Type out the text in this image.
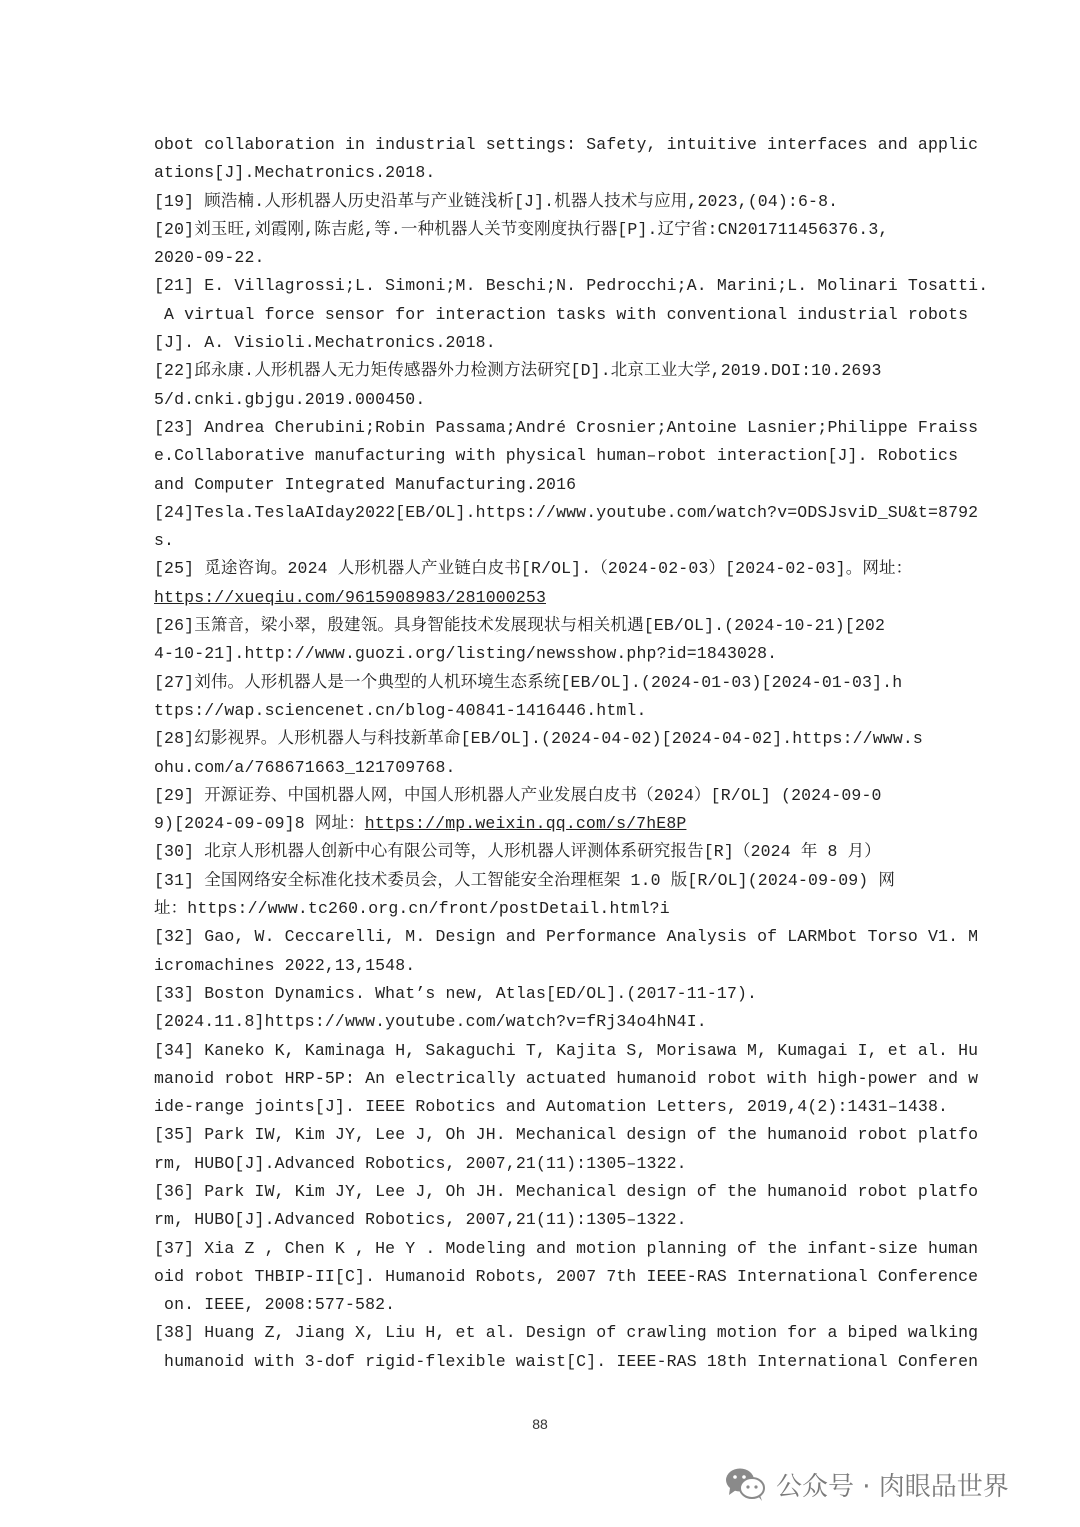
obot collaboration in industrial settings: Safety, intuitive interfaces and applic
ations[J].Mechatronics.2018.
[19] 顾浩楠.人形机器人历史沿革与产业链浅析[J].机器人技术与应用,2023,(04):6-8.
[20]刘玉旺,刘霞刚,陈吉彪,等.一种机器人关节变刚度执行器[P].辽宁省:CN201711456376.3,
2020-09-22.
[21] E. Villagrossi;L. Simoni;M. Beschi;N. Pedrocchi;A. Marini;L. Molinari Tosatti.
A virtual force sensor for interaction tasks with conventional industrial robots
[J]. A. Visioli.Mechatronics.2018.
[22]邱永康.人形机器人无力矩传感器外力检测方法研究[D].北京工业大学,2019.DOI:10.2693
5/d.cnki.gbjgu.2019.000450.
[23] Andrea Cherubini;Robin Passama;André Crosnier;Antoine Lasnier;Philippe Fraiss
e.Collaborative manufacturing with physical human–robot interaction[J]. Robotics
and Computer Integrated Manufacturing.2016
[24]Tesla.TeslaAIday2022[EB/OL].https://www.youtube.com/watch?v=ODSJsviD_SU&t=8792
s.
[25] 觅途咨询。2024 人形机器人产业链白皮书[R/OL].（2024-02-03）[2024-02-03]。网址：
https://xueqiu.com/9615908983/281000253
[26]玉箫音，梁小翠，殷建瓴。具身智能技术发展现状与相关机遇[EB/OL].(2024-10-21)[202
4-10-21].http://www.guozi.org/listing/newsshow.php?id=1843028.
[27]刘伟。人形机器人是一个典型的人机环境生态系统[EB/OL].(2024-01-03)[2024-01-03].h
ttps://wap.sciencenet.cn/blog-40841-1416446.html.
[28]幻影视界。人形机器人与科技新革命[EB/OL].(2024-04-02)[2024-04-02].https://www.s
ohu.com/a/768671663_121709768.
[29] 开源证券、中国机器人网，中国人形机器人产业发展白皮书（2024）[R/OL] (2024-09-0
9)[2024-09-09]8 网址：https://mp.weixin.qq.com/s/7hE8P
[30] 北京人形机器人创新中心有限公司等，人形机器人评测体系研究报告[R]（2024 年 8 月）
[31] 全国网络安全标准化技术委员会，人工智能安全治理框架 1.0 版[R/OL](2024-09-09) 网
址：https://www.tc260.org.cn/front/postDetail.html?i
[32] Gao, W. Ceccarelli, M. Design and Performance Analysis of LARMbot Torso V1. M
icromachines 2022,13,1548.
[33] Boston Dynamics. What’s new, Atlas[ED/OL].(2017-11-17).
[2024.11.8]https://www.youtube.com/watch?v=fRj34o4hN4I.
[34] Kaneko K, Kaminaga H, Sakaguchi T, Kajita S, Morisawa M, Kumagai I, et al. Hu
manoid robot HRP-5P: An electrically actuated humanoid robot with high-power and w
ide-range joints[J]. IEEE Robotics and Automation Letters, 2019,4(2):1431–1438.
[35] Park IW, Kim JY, Lee J, Oh JH. Mechanical design of the humanoid robot platfo
rm, HUBO[J].Advanced Robotics, 2007,21(11):1305–1322.
[36] Park IW, Kim JY, Lee J, Oh JH. Mechanical design of the humanoid robot platfo
rm, HUBO[J].Advanced Robotics, 2007,21(11):1305–1322.
[37] Xia Z , Chen K , He Y . Modeling and motion planning of the infant-size human
oid robot THBIP-II[C]. Humanoid Robots, 2007 7th IEEE-RAS International Conference
on. IEEE, 2008:577-582.
[38] Huang Z, Jiang X, Liu H, et al. Design of crawling motion for a biped walking
humanoid with 3-dof rigid-flexible waist[C]. IEEE-RAS 18th International Conferen
88
公众号 · 肉眼品世界
